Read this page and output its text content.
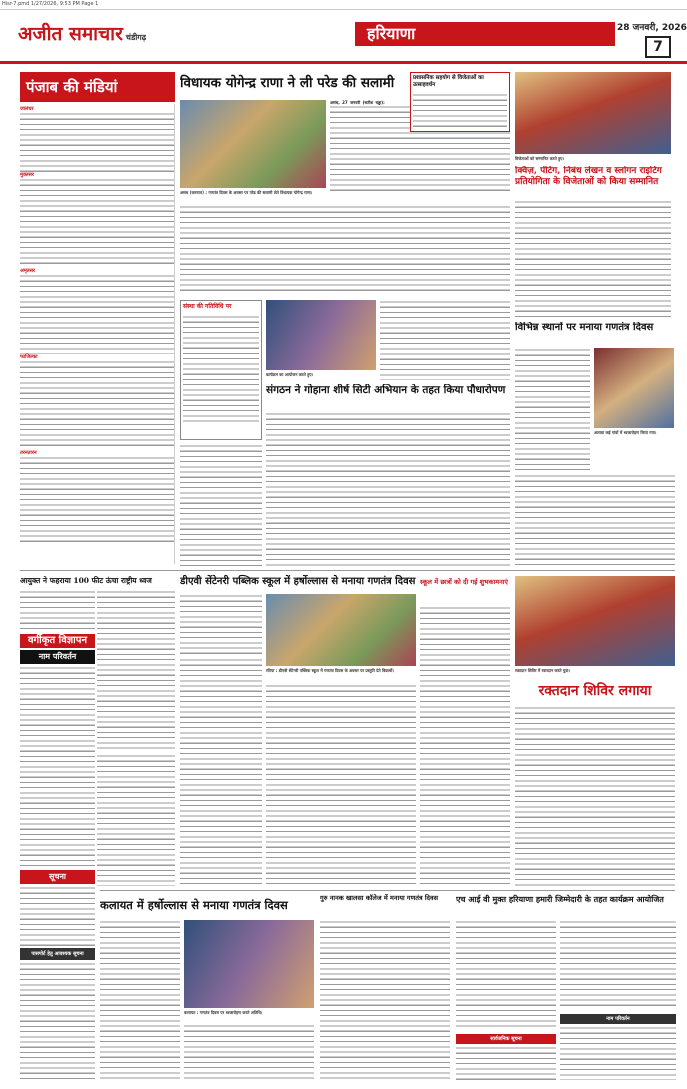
Hisr-7.pmd 1/27/2026, 9:53 PM Page 1
अजीत समाचार चंडीगढ़	हरियाणा	28 जनवरी, 2026
7
पंजाब की मंडियां
जालंधर
मुक्तसर
अमृतसर
फाजिल्का
तरनतारन
विधायक योगेन्द्र राणा ने ली परेड की सलामी
असंध (करनाल) : गणतंत्र दिवस के अवसर पर परेड की सलामी लेते विधायक योगेन्द्र राणा।
असंध, 27 जनवरी (सतीश चड्ढा):
प्रशासनिक सहयोग से विजेताओं का उत्साहवर्धन
विजेताओं को सम्मानित करते हुए।
क्विज़, पेंटिंग, निबंध लेखन व स्लोगन राइटिंग प्रतियोगिता के विजेताओं को किया सम्मानित
संस्था की गतिविधि पर
कार्यक्रम का आयोजन करते हुए।
संगठन ने गोहाना शीर्ष सिटी अभियान के तहत किया पौधारोपण
विभिन्न स्थानों पर मनाया गणतंत्र दिवस
अलावा कई गांवों में ध्वजारोहण किया गया।
आयुक्त ने फहराया 100 फीट ऊंचा राष्ट्रीय ध्वज
वर्गीकृत विज्ञापन
नाम परिवर्तन
सूचना
पासपोर्ट हेतु आवश्यक सूचना
डीएवी सेंटेनरी पब्लिक स्कूल में हर्षोल्लास से मनाया गणतंत्र दिवस
रतिया : डीएवी सेंटेनरी पब्लिक स्कूल में गणतंत्र दिवस के अवसर पर प्रस्तुति देते विद्यार्थी।
स्कूल में छात्रों को दी गई शुभकामनाएं
रक्तदान शिविर में रक्तदान करते युवा।
रक्तदान शिविर लगाया
कलायत में हर्षोल्लास से मनाया गणतंत्र दिवस
कलायत : गणतंत्र दिवस पर ध्वजारोहण करते अतिथि।
गुरु नानक खालसा कॉलेज में मनाया गणतंत्र दिवस	एच आई वी मुक्त हरियाणा हमारी जिम्मेदारी के तहत कार्यक्रम आयोजित
सार्वजनिक सूचना
नाम परिवर्तन
